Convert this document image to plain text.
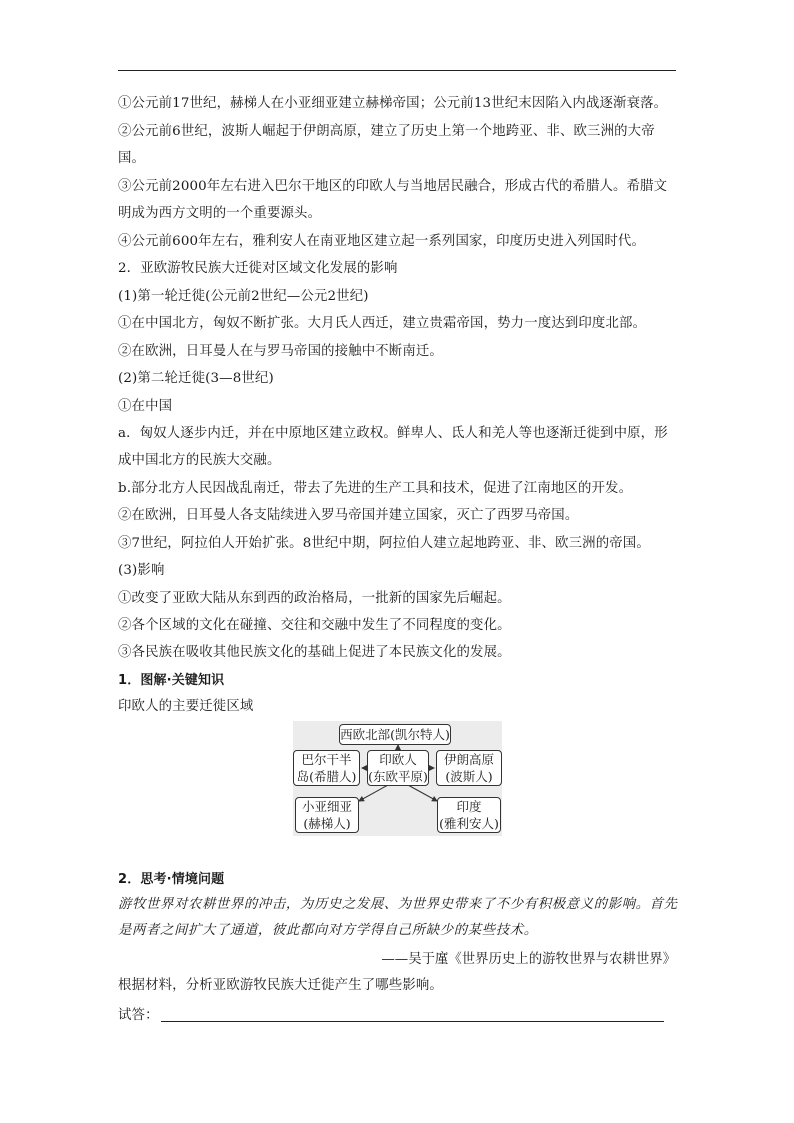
①公元前17世纪，赫梯人在小亚细亚建立赫梯帝国；公元前13世纪末因陷入内战逐渐衰落。
②公元前6世纪，波斯人崛起于伊朗高原，建立了历史上第一个地跨亚、非、欧三洲的大帝
国。
③公元前2000年左右进入巴尔干地区的印欧人与当地居民融合，形成古代的希腊人。希腊文
明成为西方文明的一个重要源头。
④公元前600年左右，雅利安人在南亚地区建立起一系列国家，印度历史进入列国时代。
2．亚欧游牧民族大迁徙对区域文化发展的影响
(1)第一轮迁徙(公元前2世纪—公元2世纪)
①在中国北方，匈奴不断扩张。大月氏人西迁，建立贵霜帝国，势力一度达到印度北部。
②在欧洲，日耳曼人在与罗马帝国的接触中不断南迁。
(2)第二轮迁徙(3—8世纪)
①在中国
a．匈奴人逐步内迁，并在中原地区建立政权。鲜卑人、氐人和羌人等也逐渐迁徙到中原，形
成中国北方的民族大交融。
b.部分北方人民因战乱南迁，带去了先进的生产工具和技术，促进了江南地区的开发。
②在欧洲，日耳曼人各支陆续进入罗马帝国并建立国家，灭亡了西罗马帝国。
③7世纪，阿拉伯人开始扩张。8世纪中期，阿拉伯人建立起地跨亚、非、欧三洲的帝国。
(3)影响
①改变了亚欧大陆从东到西的政治格局，一批新的国家先后崛起。
②各个区域的文化在碰撞、交往和交融中发生了不同程度的变化。
③各民族在吸收其他民族文化的基础上促进了本民族文化的发展。
1．图解·关键知识
印欧人的主要迁徙区域
西欧北部(凯尔特人)
巴尔干半
岛(希腊人)
印欧人
(东欧平原)
伊朗高原
(波斯人)
小亚细亚
(赫梯人)
印度
(雅利安人)
2．思考·情境问题
游牧世界对农耕世界的冲击，为历史之发展、为世界史带来了不少有积极意义的影响。首先
是两者之间扩大了通道，彼此都向对方学得自己所缺少的某些技术。
——吴于廑《世界历史上的游牧世界与农耕世界》
根据材料，分析亚欧游牧民族大迁徙产生了哪些影响。
试答：
